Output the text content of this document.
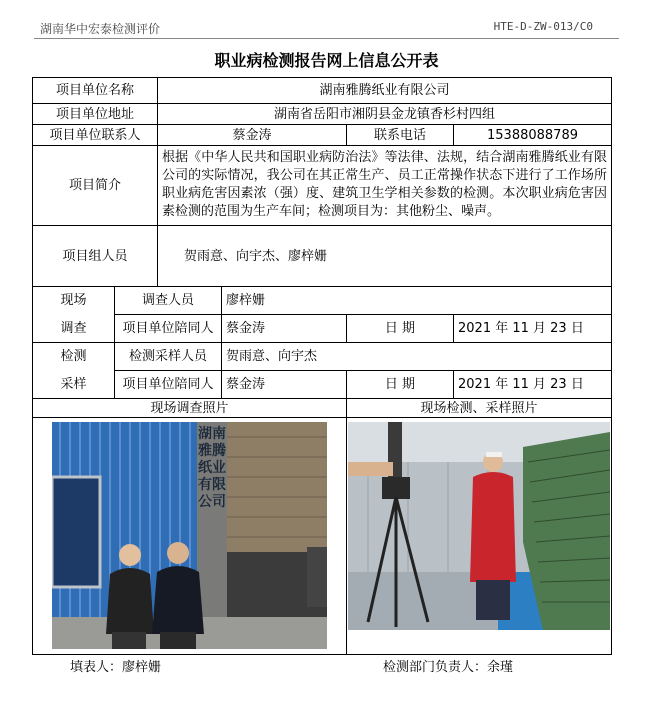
湖南华中宏泰检测评价	HTE-D-ZW-013/C0
职业病检测报告网上信息公开表
项目单位名称	湖南雅腾纸业有限公司
项目单位地址	湖南省岳阳市湘阴县金龙镇香杉村四组
项目单位联系人	蔡金涛	联系电话	15388088789
项目简介
根据《中华人民共和国职业病防治法》等法律、法规，结合湖南雅腾纸业有限公司的实际情况，我公司在其正常生产、员工正常操作状态下进行了工作场所职业病危害因素浓（强）度、建筑卫生学相关参数的检测。本次职业病危害因素检测的范围为生产车间；检测项目为：其他粉尘、噪声。
项目组人员	贺雨意、向宇杰、廖梓姗
现场
调查
调查人员	廖梓姗
项目单位陪同人 蔡金涛	日 期	2021 年 11 月 23 日
检测
采样
检测采样人员	贺雨意、向宇杰
项目单位陪同人 蔡金涛	日 期	2021 年 11 月 23 日
现场调查照片	现场检测、采样照片
湖南雅腾纸业有限公司
填表人：廖梓姗	检测部门负责人：余瑾
